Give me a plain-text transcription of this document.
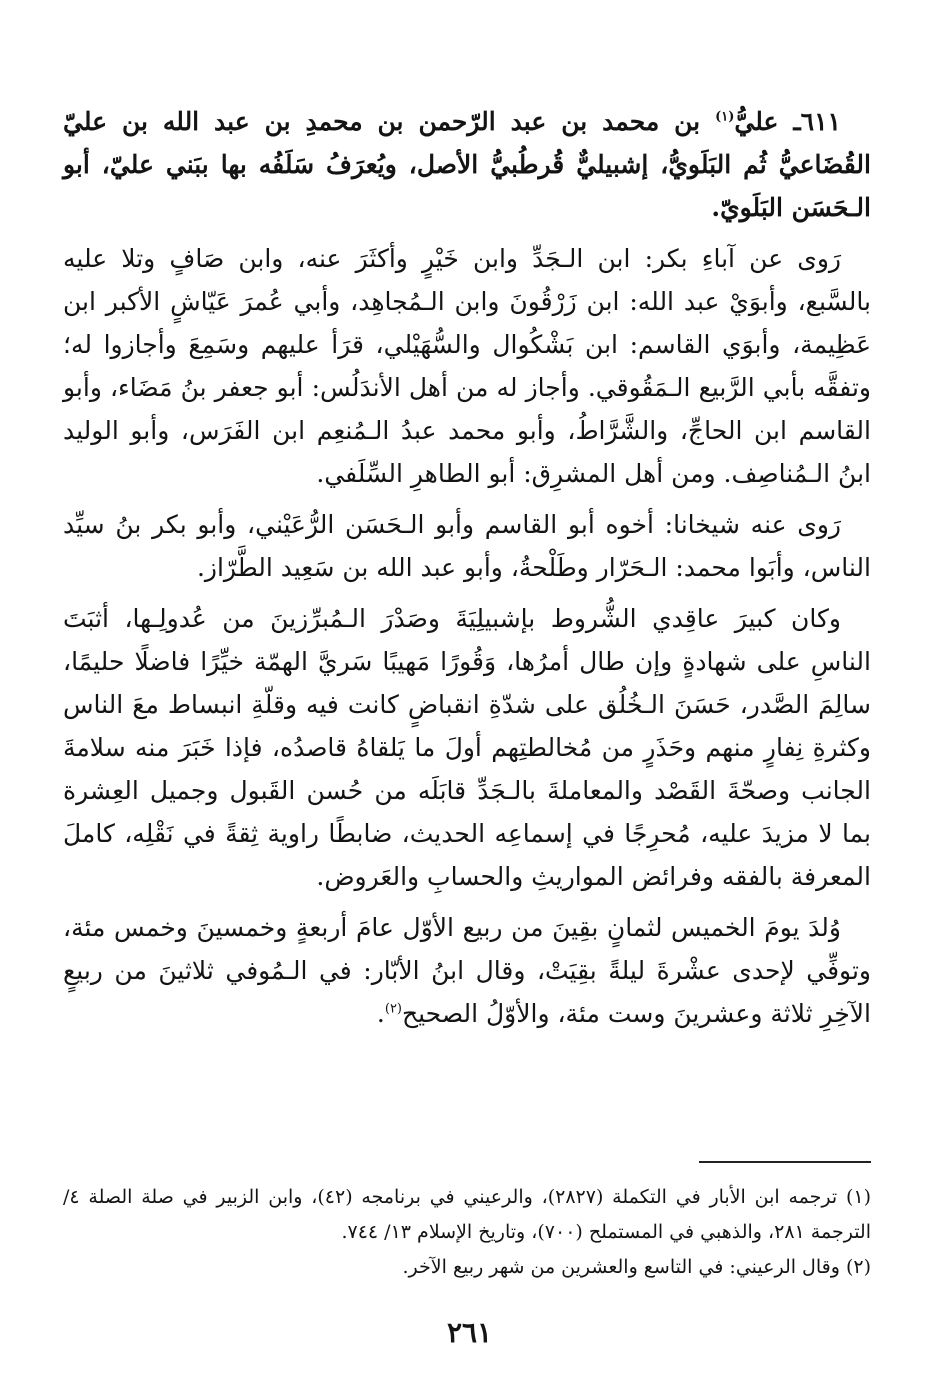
٦١١ـ عليُّ$^{(١)}$ بن محمد بن عبد الرّحمن بن محمدِ بن عبد الله بن عليّ القُضَاعيُّ ثُم البَلَويُّ، إشبيليٌّ قُرطُبيُّ الأصل، ويُعرَفُ سَلَفُه بها ببَني عليّ، أبو الـحَسَن البَلَويّ.

رَوى عن آباءِ بكر: ابن الـجَدِّ وابن خَيْرٍ وأكثَرَ عنه، وابن صَافٍ وتلا عليه بالسَّبع، وأبوَيْ عبد الله: ابن زَرْقُونَ وابن الـمُجاهِد، وأبي عُمرَ عَيّاشٍ الأكبر ابن عَظِيمة، وأبوَي القاسم: ابن بَشْكُوال والسُّهَيْلي، قرَأ عليهم وسَمِعَ وأجازوا له؛ وتفقَّه بأبي الرَّبيع الـمَقُوقي. وأجاز له من أهل الأندَلُس: أبو جعفر بنُ مَضَاء، وأبو القاسم ابن الحاجِّ، والشَّرَّاطُ، وأبو محمد عبدُ الـمُنعِم ابن الفَرَس، وأبو الوليد ابنُ الـمُناصِف. ومن أهل المشرِق: أبو الطاهرِ السِّلَفي.

رَوى عنه شيخانا: أخوه أبو القاسم وأبو الـحَسَن الرُّعَيْني، وأبو بكر بنُ سيِّد الناس، وأبَوا محمد: الـحَرّار وطَلْحةُ، وأبو عبد الله بن سَعِيد الطَّرّاز.

وكان كبيرَ عاقِدي الشُّروط بإشبيلِيَةَ وصَدْرَ الـمُبرِّزينَ من عُدولِـها، أثبَتَ الناسِ على شهادةٍ وإن طال أمرُها، وَقُورًا مَهيبًا سَريَّ الهمّة خيِّرًا فاضلًا حليمًا، سالِمَ الصَّدر، حَسَنَ الـخُلُق على شدّةِ انقباضٍ كانت فيه وقلّةِ انبساط معَ الناس وكثرةِ نِفارٍ منهم وحَذَرٍ من مُخالطتِهم أولَ ما يَلقاهُ قاصدُه، فإذا خَبَرَ منه سلامةَ الجانب وصحّةَ القَصْد والمعاملةَ بالـجَدِّ قابَلَه من حُسن القَبول وجميل العِشرة بما لا مزيدَ عليه، مُحرِجًا في إسماعِه الحديث، ضابطًا راوية ثِقةً في نَقْلِه، كاملَ المعرفة بالفقه وفرائض المواريثِ والحسابِ والعَروض.

وُلدَ يومَ الخميس لثمانٍ بقِينَ من ربيع الأوّل عامَ أربعةٍ وخمسينَ وخمس مئة، وتوفِّي لإحدى عشْرةَ ليلةً بقِيَتْ، وقال ابنُ الأبّار: في الـمُوفي ثلاثينَ من ربيعٍ الآخِرِ ثلاثة وعشرينَ وست مئة، والأوّلُ الصحيح$^{(٢)}$.

(١) ترجمه ابن الأبار في التكملة (٢٨٢٧)، والرعيني في برنامجه (٤٢)، وابن الزبير في صلة الصلة ٤/ الترجمة ٢٨١، والذهبي في المستملح (٧٠٠)، وتاريخ الإسلام ١٣/ ٧٤٤.

(٢) وقال الرعيني: في التاسع والعشرين من شهر ربيع الآخر.

٢٦١
